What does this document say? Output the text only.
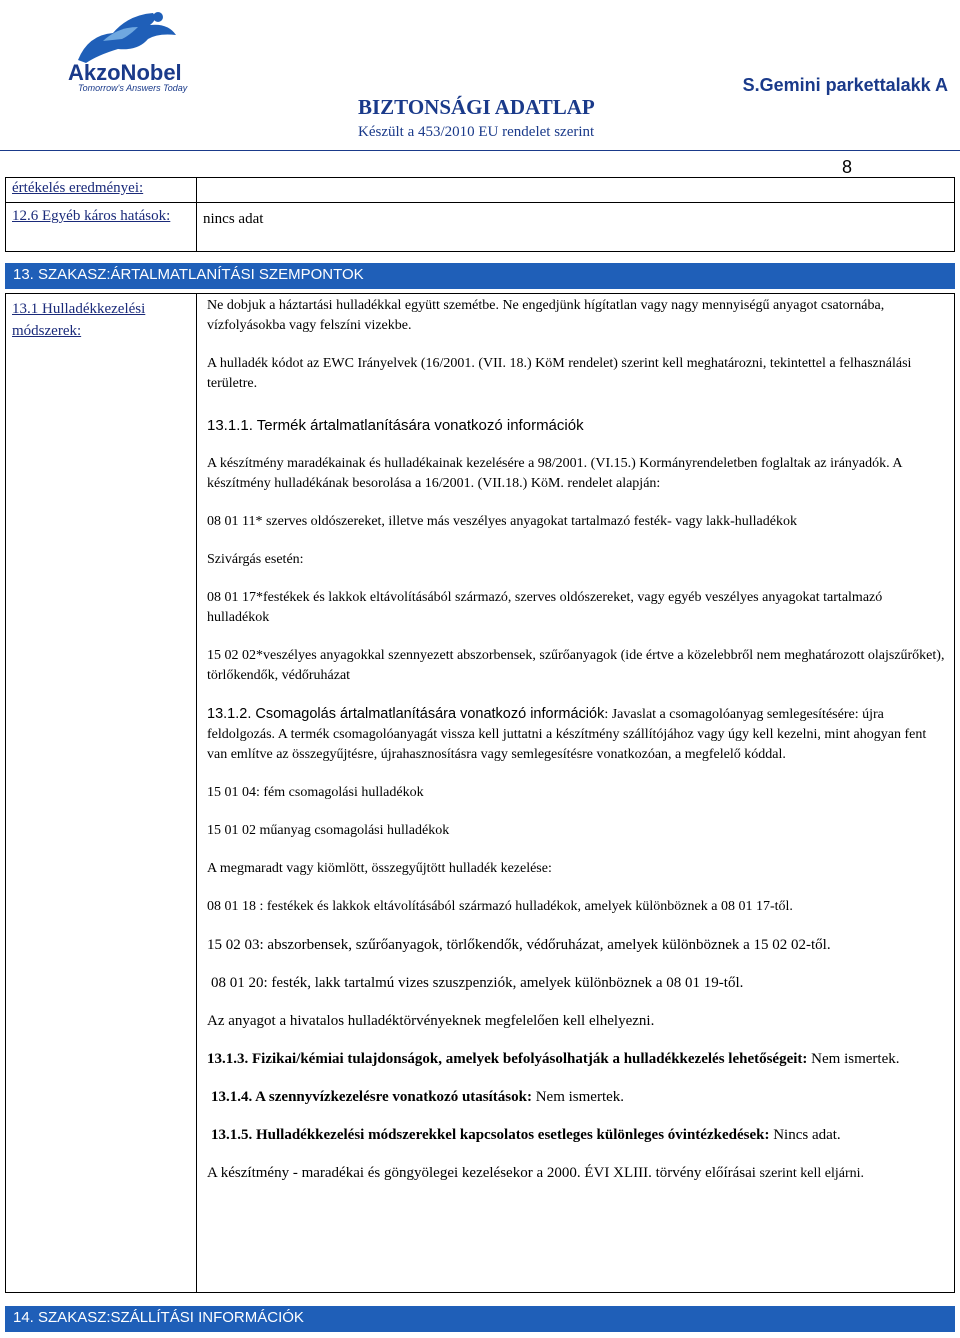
AkzoNobel
Tomorrow's Answers Today	S.Gemini parkettalakk A
BIZTONSÁGI ADATLAP
Készült a 453/2010 EU rendelet szerint
8
értékelés eredményei:	
12.6 Egyéb káros hatások:	nincs adat
13. SZAKASZ:ÁRTALMATLANÍTÁSI SZEMPONTOK
13.1 Hulladékkezelési módszerek:	

Ne dobjuk a háztartási hulladékkal együtt szemétbe. Ne engedjünk hígítatlan vagy nagy mennyiségű anyagot csatornába, vízfolyásokba vagy felszíni vizekbe.

A hulladék kódot az EWC Irányelvek (16/2001. (VII. 18.) KöM rendelet) szerint kell meghatározni, tekintettel a felhasználási területre.

13.1.1. Termék ártalmatlanítására vonatkozó információk

A készítmény maradékainak és hulladékainak kezelésére a 98/2001. (VI.15.) Kormányrendeletben foglaltak az irányadók. A készítmény hulladékának besorolása a 16/2001. (VII.18.) KöM. rendelet alapján:

08 01 11* szerves oldószereket, illetve más veszélyes anyagokat tartalmazó festék- vagy lakk-hulladékok

Szivárgás esetén:

08 01 17*festékek és lakkok eltávolításából származó, szerves oldószereket, vagy egyéb veszélyes anyagokat tartalmazó hulladékok

15 02 02*veszélyes anyagokkal szennyezett abszorbensek, szűrőanyagok (ide értve a közelebbről nem meghatározott olajszűrőket), törlőkendők, védőruházat

13.1.2. Csomagolás ártalmatlanítására vonatkozó információk: Javaslat a csomagolóanyag semlegesítésére: újra feldolgozás. A termék csomagolóanyagát vissza kell juttatni a készítmény szállítójához vagy úgy kell kezelni, mint ahogyan fent van említve az összegyűjtésre, újrahasznosításra vagy semlegesítésre vonatkozóan, a megfelelő kóddal.

15 01 04: fém csomagolási hulladékok

15 01 02 műanyag csomagolási hulladékok

A megmaradt vagy kiömlött, összegyűjtött hulladék kezelése:

08 01 18 : festékek és lakkok eltávolításából származó hulladékok, amelyek különböznek a 08 01 17-től.

15 02 03: abszorbensek, szűrőanyagok, törlőkendők, védőruházat, amelyek különböznek a 15 02 02-től.

08 01 20: festék, lakk tartalmú vizes szuszpenziók, amelyek különböznek a 08 01 19-től.

Az anyagot a hivatalos hulladéktörvényeknek megfelelően kell elhelyezni.

13.1.3. Fizikai/kémiai tulajdonságok, amelyek befolyásolhatják a hulladékkezelés lehetőségeit: Nem ismertek.

13.1.4. A szennyvízkezelésre vonatkozó utasítások: Nem ismertek.

13.1.5. Hulladékkezelési módszerekkel kapcsolatos esetleges különleges óvintézkedések: Nincs adat.

A készítmény - maradékai és göngyölegei kezelésekor a 2000. ÉVI XLIII. törvény előírásai szerint kell eljárni.

14. SZAKASZ:SZÁLLÍTÁSI INFORMÁCIÓK
